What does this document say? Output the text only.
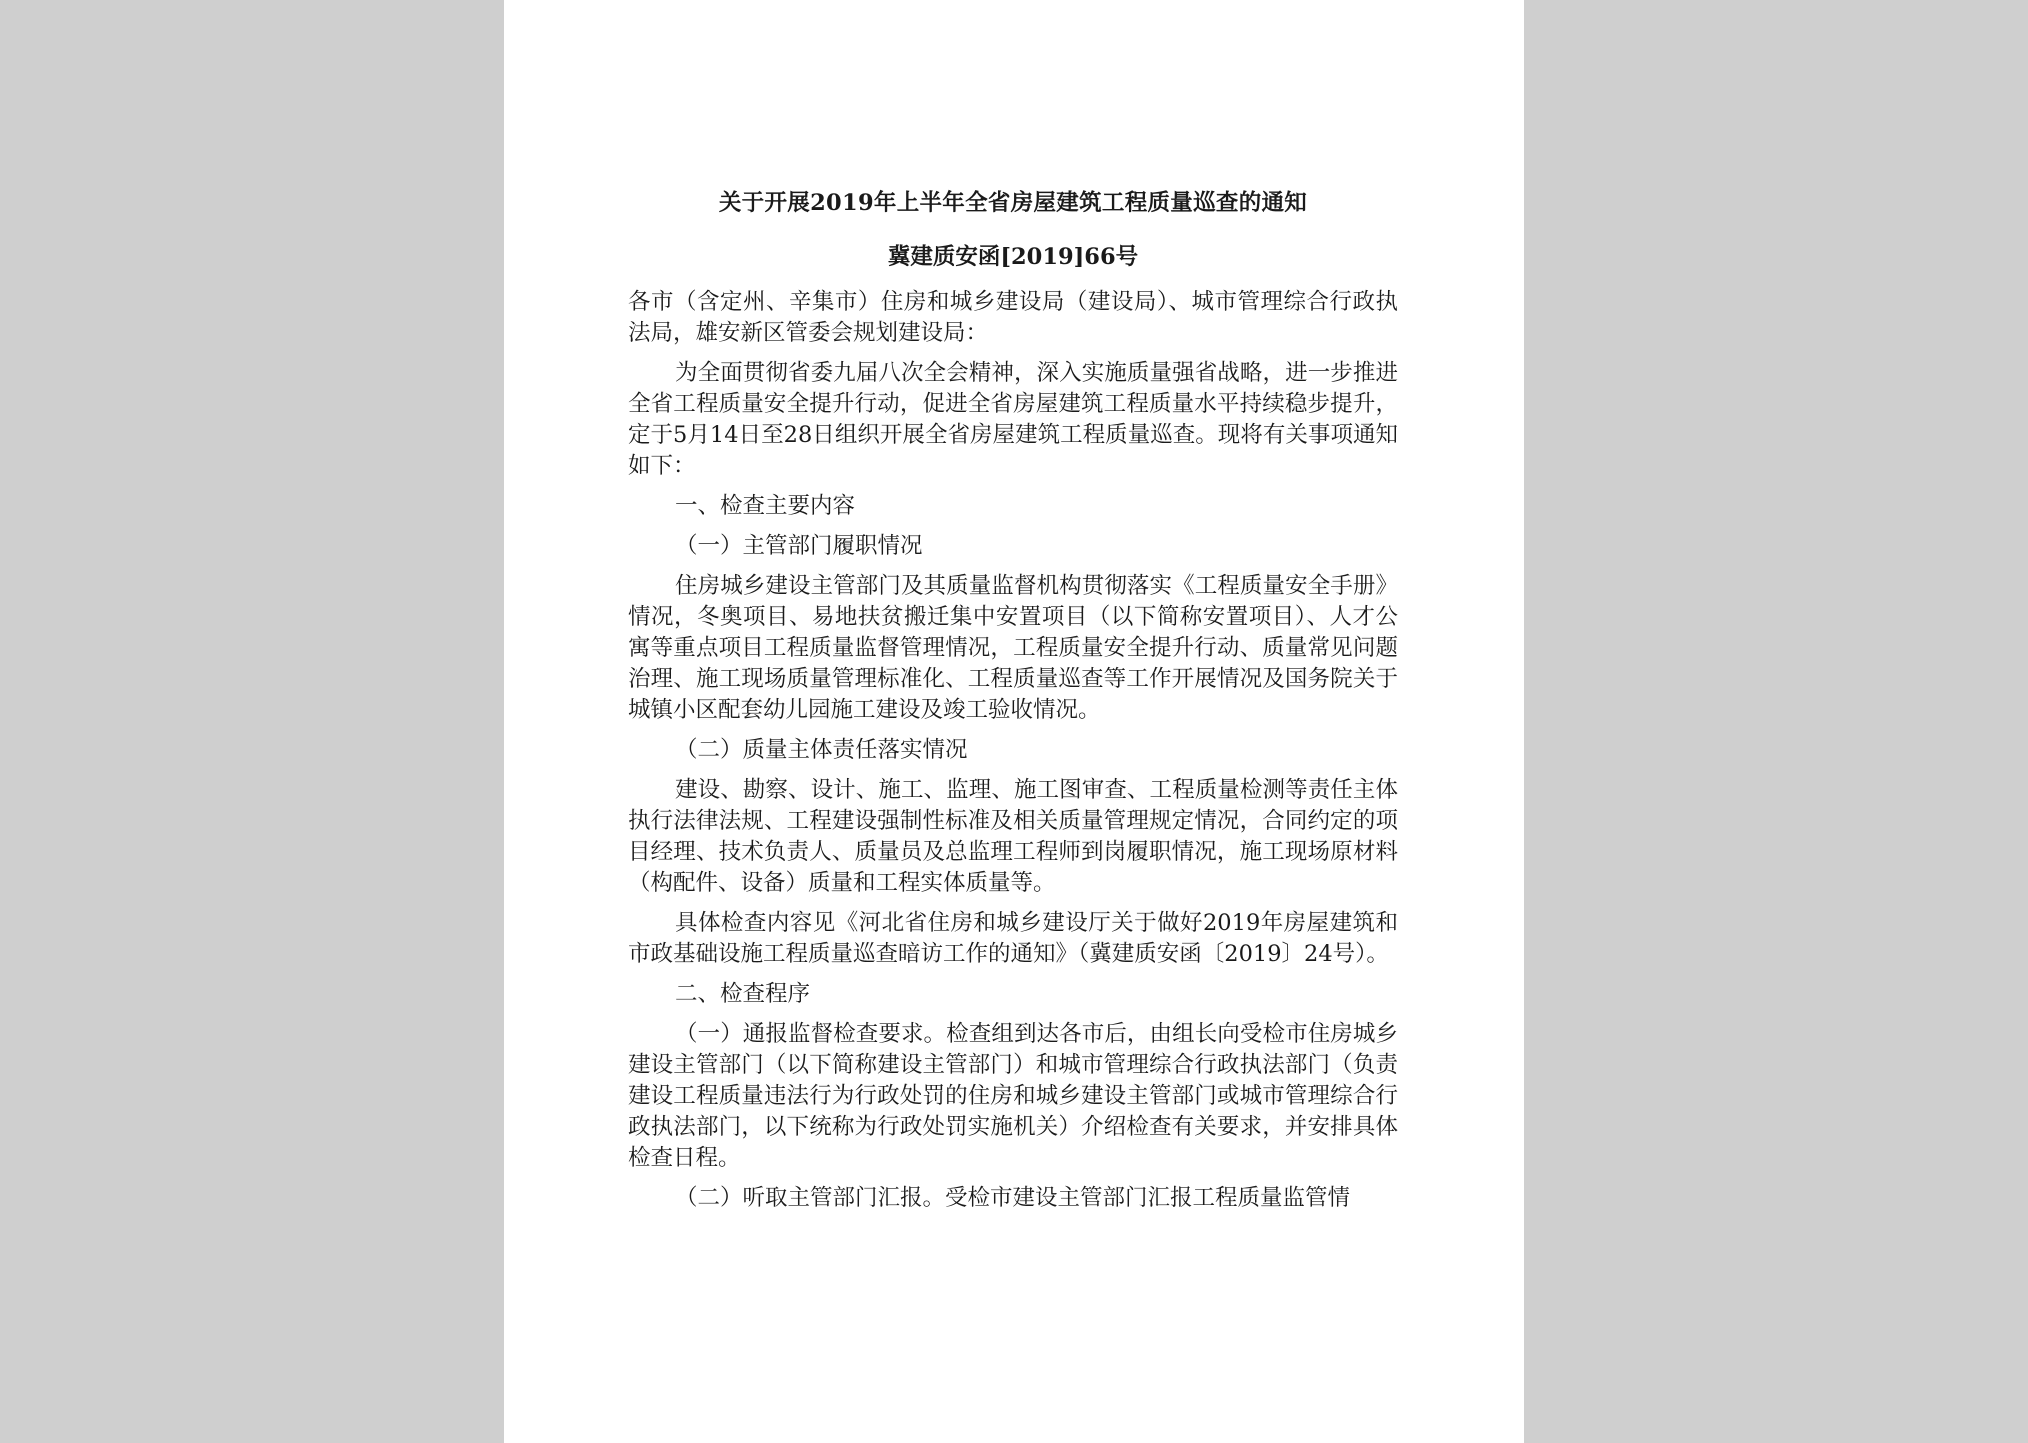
关于开展2019年上半年全省房屋建筑工程质量巡查的通知

冀建质安函[2019]66号

各市（含定州、辛集市）住房和城乡建设局（建设局）、城市管理综合行政执法局，雄安新区管委会规划建设局：

为全面贯彻省委九届八次全会精神，深入实施质量强省战略，进一步推进全省工程质量安全提升行动，促进全省房屋建筑工程质量水平持续稳步提升，定于5月14日至28日组织开展全省房屋建筑工程质量巡查。现将有关事项通知如下：

一、检查主要内容

（一）主管部门履职情况

住房城乡建设主管部门及其质量监督机构贯彻落实《工程质量安全手册》情况，冬奥项目、易地扶贫搬迁集中安置项目（以下简称安置项目）、人才公寓等重点项目工程质量监督管理情况，工程质量安全提升行动、质量常见问题治理、施工现场质量管理标准化、工程质量巡查等工作开展情况及国务院关于城镇小区配套幼儿园施工建设及竣工验收情况。

（二）质量主体责任落实情况

建设、勘察、设计、施工、监理、施工图审查、工程质量检测等责任主体执行法律法规、工程建设强制性标准及相关质量管理规定情况，合同约定的项目经理、技术负责人、质量员及总监理工程师到岗履职情况，施工现场原材料（构配件、设备）质量和工程实体质量等。

具体检查内容见《河北省住房和城乡建设厅关于做好2019年房屋建筑和市政基础设施工程质量巡查暗访工作的通知》（冀建质安函〔2019〕24号）。

二、检查程序

（一）通报监督检查要求。检查组到达各市后，由组长向受检市住房城乡建设主管部门（以下简称建设主管部门）和城市管理综合行政执法部门（负责建设工程质量违法行为行政处罚的住房和城乡建设主管部门或城市管理综合行政执法部门，以下统称为行政处罚实施机关）介绍检查有关要求，并安排具体检查日程。

（二）听取主管部门汇报。受检市建设主管部门汇报工程质量监管情
